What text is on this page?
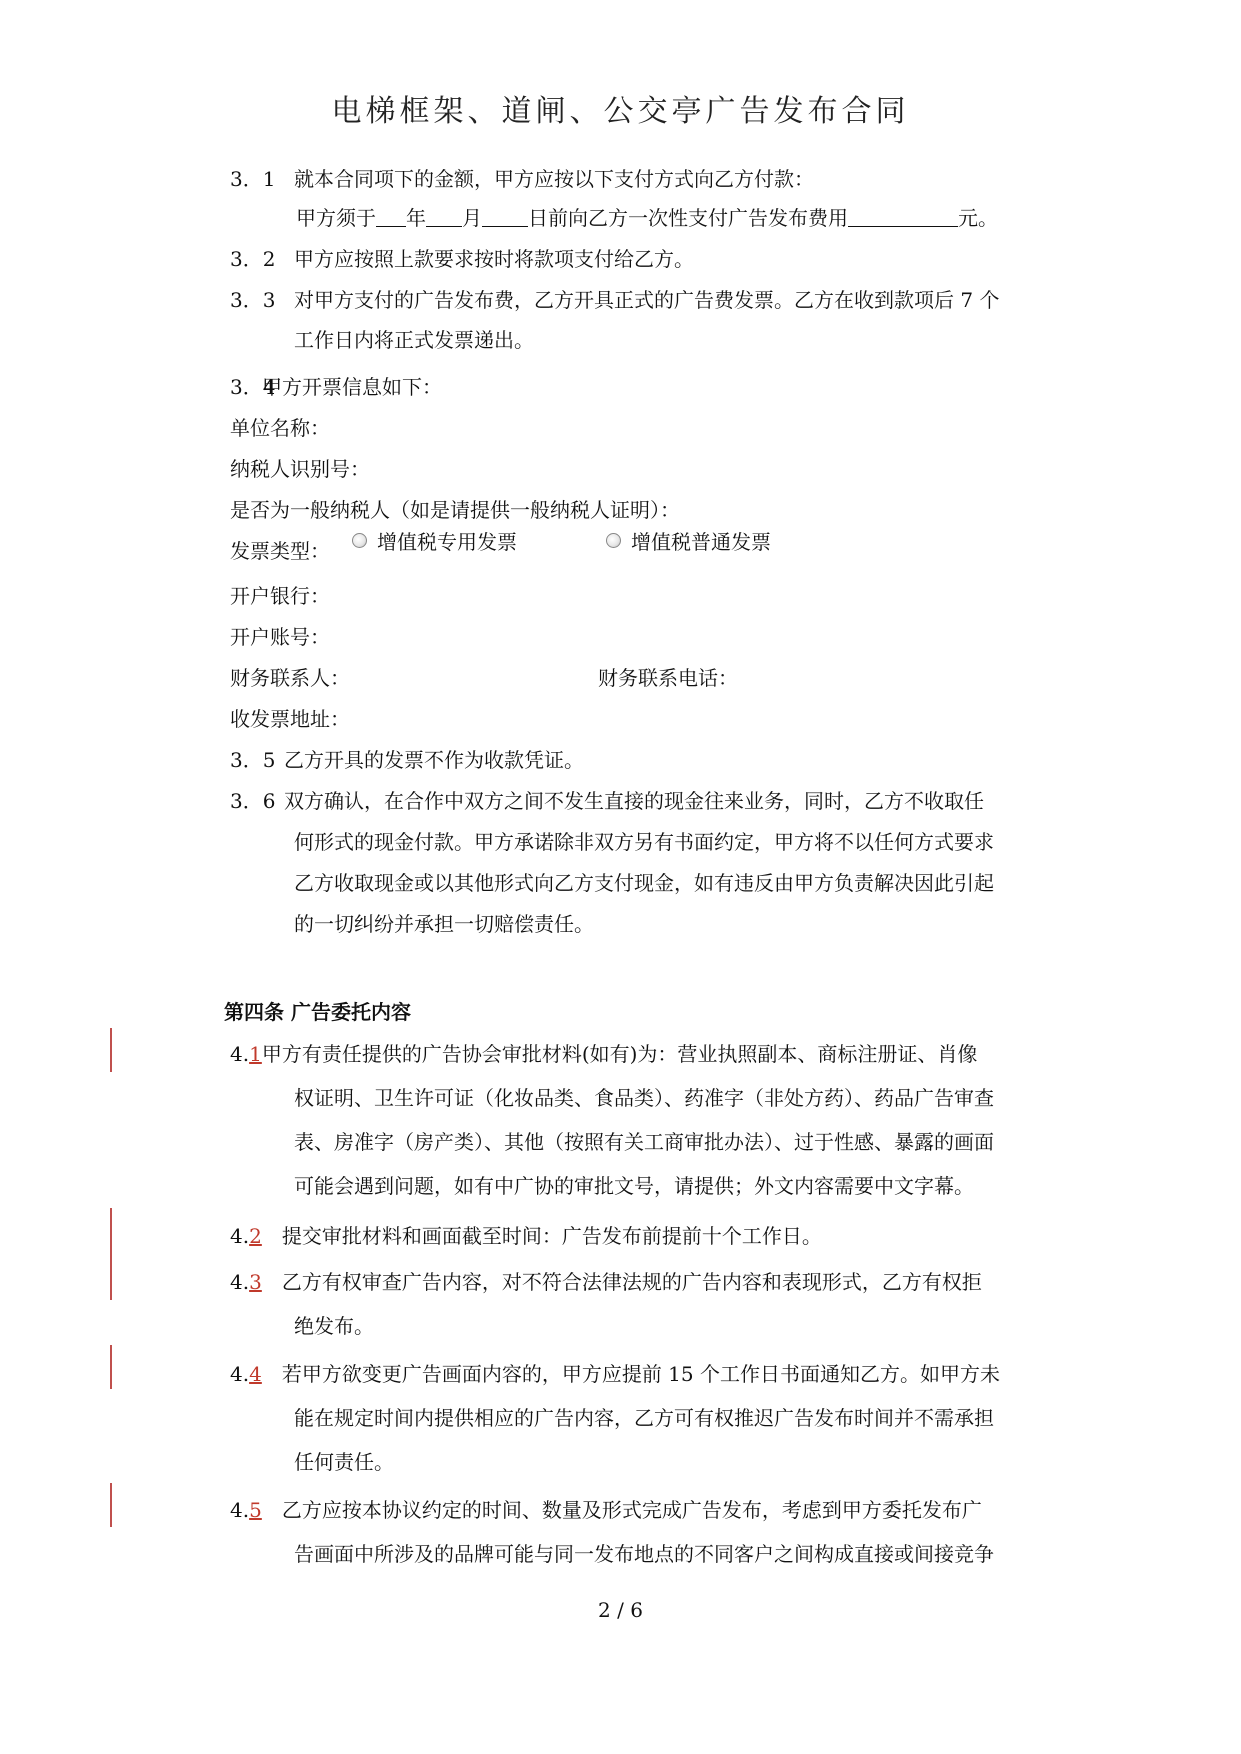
电梯框架、道闸、公交亭广告发布合同
3．1 就本合同项下的金额，甲方应按以下支付方式向乙方付款：
甲方须于 年 月 日前向乙方一次性支付广告发布费用	元。
3．2 甲方应按照上款要求按时将款项支付给乙方。
3．3 对甲方支付的广告发布费，乙方开具正式的广告费发票。乙方在收到款项后 7 个
工作日内将正式发票递出。
3．4甲方开票信息如下：
单位名称：
纳税人识别号：
是否为一般纳税人（如是请提供一般纳税人证明）：
发票类型：	增值税专用发票	增值税普通发票
开户银行：
开户账号：
财务联系人：	财务联系电话：
收发票地址：
3．5 乙方开具的发票不作为收款凭证。
3．6 双方确认，在合作中双方之间不发生直接的现金往来业务，同时，乙方不收取任
何形式的现金付款。甲方承诺除非双方另有书面约定，甲方将不以任何方式要求
乙方收取现金或以其他形式向乙方支付现金，如有违反由甲方负责解决因此引起
的一切纠纷并承担一切赔偿责任。
第四条 广告委托内容
4.1甲方有责任提供的广告协会审批材料(如有)为：营业执照副本、商标注册证、肖像
权证明、卫生许可证（化妆品类、食品类）、药准字（非处方药）、药品广告审查
表、房准字（房产类）、其他（按照有关工商审批办法）、过于性感、暴露的画面
可能会遇到问题，如有中广协的审批文号，请提供；外文内容需要中文字幕。
4.2 提交审批材料和画面截至时间：广告发布前提前十个工作日。
4.3 乙方有权审查广告内容，对不符合法律法规的广告内容和表现形式，乙方有权拒
绝发布。
4.4 若甲方欲变更广告画面内容的，甲方应提前 15 个工作日书面通知乙方。如甲方未
能在规定时间内提供相应的广告内容，乙方可有权推迟广告发布时间并不需承担
任何责任。
4.5 乙方应按本协议约定的时间、数量及形式完成广告发布，考虑到甲方委托发布广
告画面中所涉及的品牌可能与同一发布地点的不同客户之间构成直接或间接竞争
2 / 6
